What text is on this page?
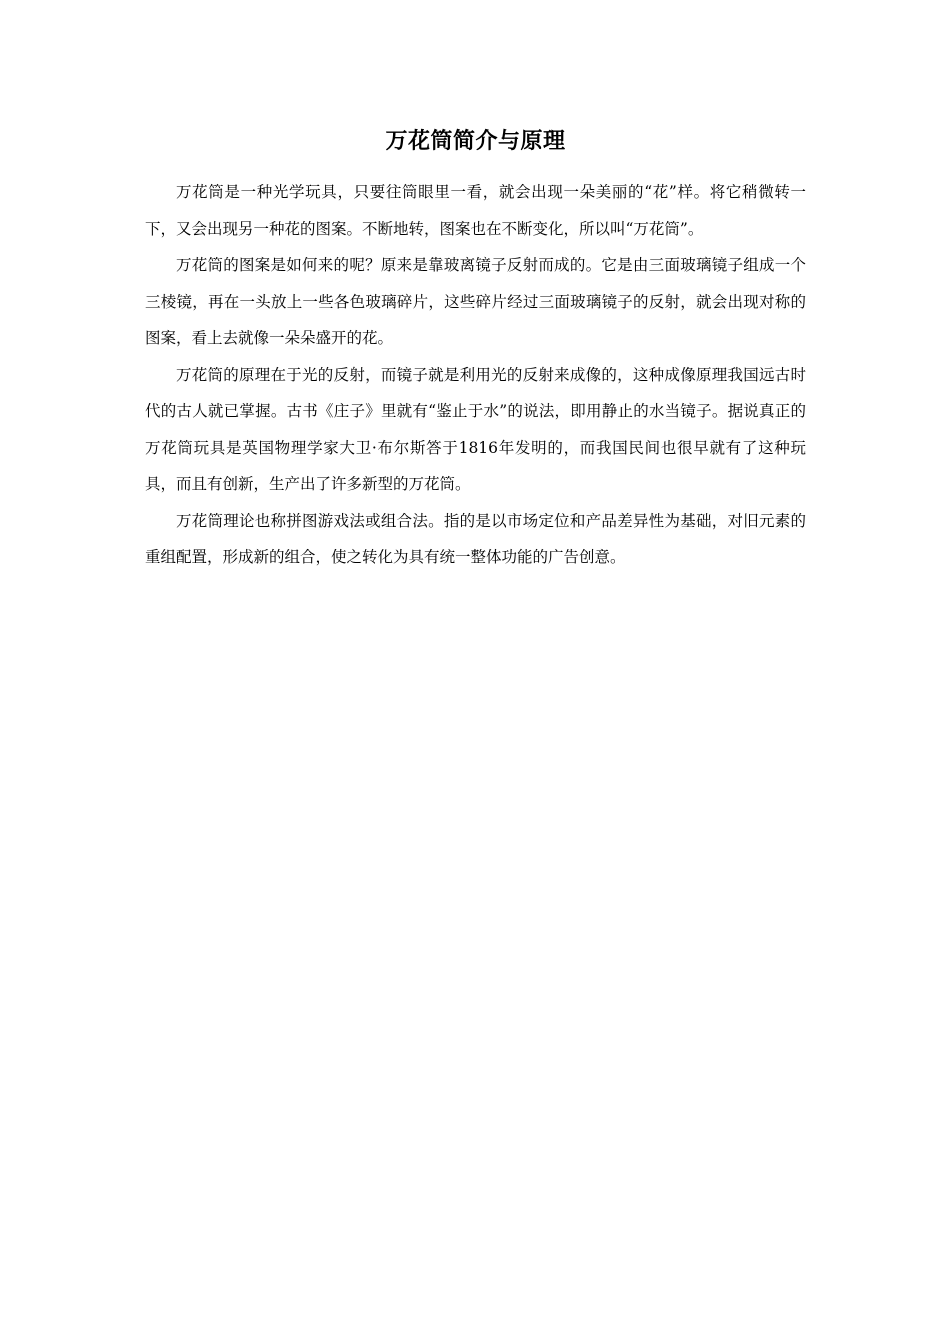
万花筒简介与原理

万花筒是一种光学玩具，只要往筒眼里一看，就会出现一朵美丽的“花”样。将它稍微转一下，又会出现另一种花的图案。不断地转，图案也在不断变化，所以叫“万花筒”。

万花筒的图案是如何来的呢？原来是靠玻离镜子反射而成的。它是由三面玻璃镜子组成一个三棱镜，再在一头放上一些各色玻璃碎片，这些碎片经过三面玻璃镜子的反射，就会出现对称的图案，看上去就像一朵朵盛开的花。

万花筒的原理在于光的反射，而镜子就是利用光的反射来成像的，这种成像原理我国远古时代的古人就已掌握。古书《庄子》里就有“鉴止于水”的说法，即用静止的水当镜子。据说真正的万花筒玩具是英国物理学家大卫·布尔斯答于1816年发明的，而我国民间也很早就有了这种玩具，而且有创新，生产出了许多新型的万花筒。

万花筒理论也称拼图游戏法或组合法。指的是以市场定位和产品差异性为基础，对旧元素的重组配置，形成新的组合，使之转化为具有统一整体功能的广告创意。
